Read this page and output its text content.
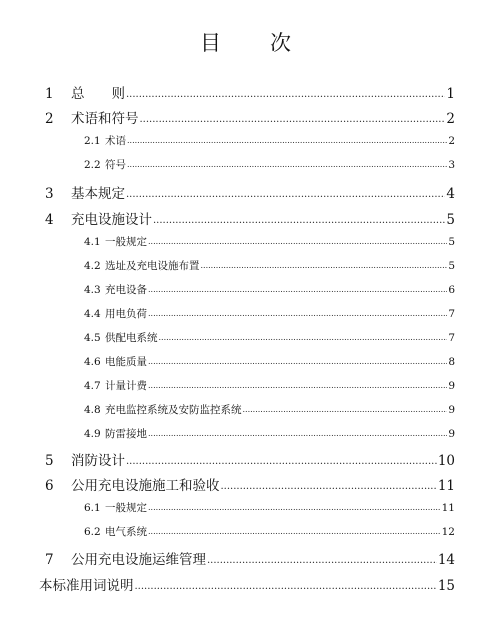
目　次
1	总　　则 .....	1
2	术语和符号 .....	2
2.1 术语 .....	2
2.2 符号 .....	3
3	基本规定 .....	4
4	充电设施设计 .....	5
4.1 一般规定 .....	5
4.2 选址及充电设施布置 .....	5
4.3 充电设备 .....	6
4.4 用电负荷 .....	7
4.5 供配电系统 .....	7
4.6 电能质量 .....	8
4.7 计量计费 .....	9
4.8 充电监控系统及安防监控系统 .....	9
4.9 防雷接地 .....	9
5	消防设计 .....	10
6	公用充电设施施工和验收 .....	11
6.1 一般规定 .....	11
6.2 电气系统 .....	12
7	公用充电设施运维管理 .....	14
本标准用词说明 .....	15
